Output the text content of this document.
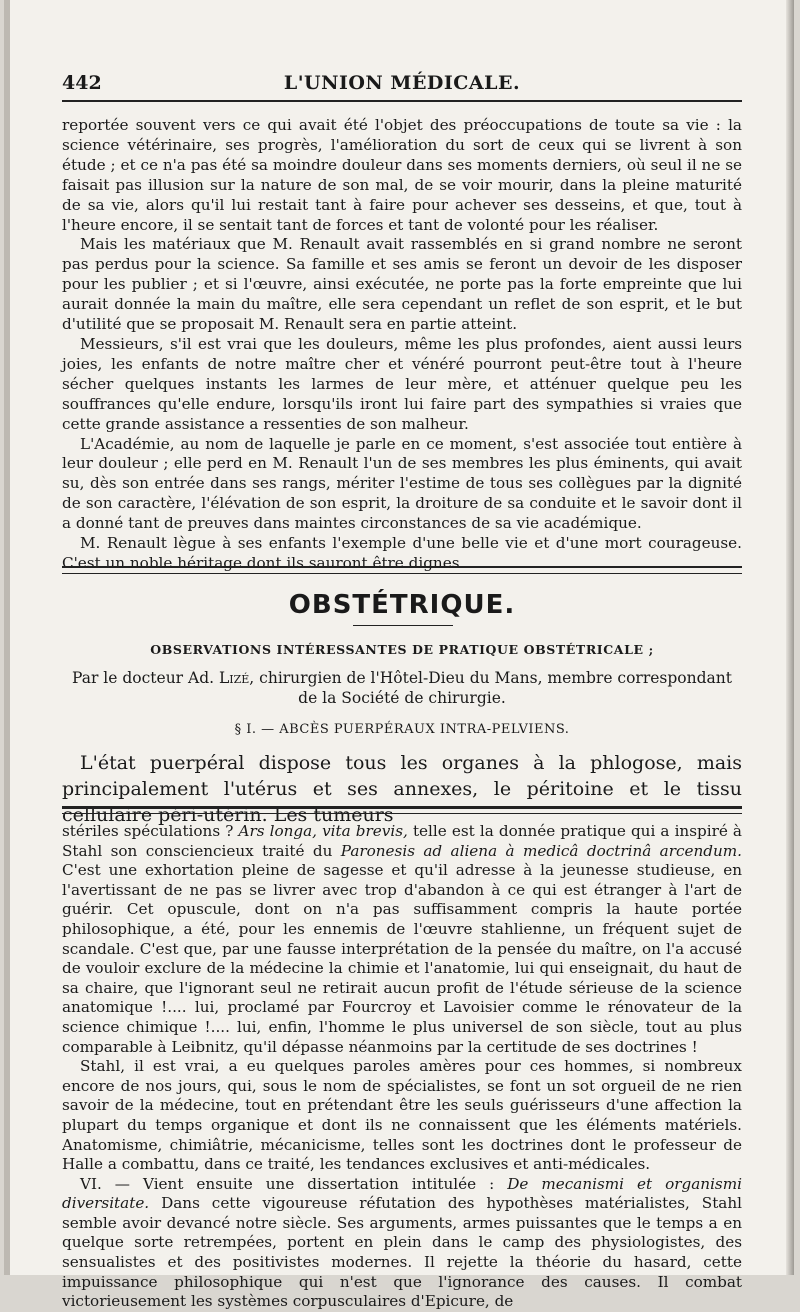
442	L'UNION MÉDICALE.

reportée souvent vers ce qui avait été l'objet des préoccupations de toute sa vie : la science vétérinaire, ses progrès, l'amélioration du sort de ceux qui se livrent à son étude ; et ce n'a pas été sa moindre douleur dans ses moments derniers, où seul il ne se faisait pas illusion sur la nature de son mal, de se voir mourir, dans la pleine maturité de sa vie, alors qu'il lui restait tant à faire pour achever ses desseins, et que, tout à l'heure encore, il se sentait tant de forces et tant de volonté pour les réaliser.

Mais les matériaux que M. Renault avait rassemblés en si grand nombre ne seront pas perdus pour la science. Sa famille et ses amis se feront un devoir de les disposer pour les publier ; et si l'œuvre, ainsi exécutée, ne porte pas la forte empreinte que lui aurait donnée la main du maître, elle sera cependant un reflet de son esprit, et le but d'utilité que se proposait M. Renault sera en partie atteint.

Messieurs, s'il est vrai que les douleurs, même les plus profondes, aient aussi leurs joies, les enfants de notre maître cher et vénéré pourront peut-être tout à l'heure sécher quelques instants les larmes de leur mère, et atténuer quelque peu les souffrances qu'elle endure, lorsqu'ils iront lui faire part des sympathies si vraies que cette grande assistance a ressenties de son malheur.

L'Académie, au nom de laquelle je parle en ce moment, s'est associée tout entière à leur douleur ; elle perd en M. Renault l'un de ses membres les plus éminents, qui avait su, dès son entrée dans ses rangs, mériter l'estime de tous ses collègues par la dignité de son caractère, l'élévation de son esprit, la droiture de sa conduite et le savoir dont il a donné tant de preuves dans maintes circonstances de sa vie académique.

M. Renault lègue à ses enfants l'exemple d'une belle vie et d'une mort courageuse. C'est un noble héritage dont ils sauront être dignes.

OBSTÉTRIQUE.
OBSERVATIONS INTÉRESSANTES DE PRATIQUE OBSTÉTRICALE ;
Par le docteur Ad. Lizé, chirurgien de l'Hôtel-Dieu du Mans, membre correspondant de la Société de chirurgie.
§ I. — ABCÈS PUERPÉRAUX INTRA-PELVIENS.
L'état puerpéral dispose tous les organes à la phlogose, mais principalement l'utérus et ses annexes, le péritoine et le tissu cellulaire péri-utérin. Les tumeurs

stériles spéculations ? Ars longa, vita brevis, telle est la donnée pratique qui a inspiré à Stahl son consciencieux traité du Paronesis ad aliena à medicâ doctrinâ arcendum. C'est une exhortation pleine de sagesse et qu'il adresse à la jeunesse studieuse, en l'avertissant de ne pas se livrer avec trop d'abandon à ce qui est étranger à l'art de guérir. Cet opuscule, dont on n'a pas suffisamment compris la haute portée philosophique, a été, pour les ennemis de l'œuvre stahlienne, un fréquent sujet de scandale. C'est que, par une fausse interprétation de la pensée du maître, on l'a accusé de vouloir exclure de la médecine la chimie et l'anatomie, lui qui enseignait, du haut de sa chaire, que l'ignorant seul ne retirait aucun profit de l'étude sérieuse de la science anatomique !.... lui, proclamé par Fourcroy et Lavoisier comme le rénovateur de la science chimique !.... lui, enfin, l'homme le plus universel de son siècle, tout au plus comparable à Leibnitz, qu'il dépasse néanmoins par la certitude de ses doctrines !

Stahl, il est vrai, a eu quelques paroles amères pour ces hommes, si nombreux encore de nos jours, qui, sous le nom de spécialistes, se font un sot orgueil de ne rien savoir de la médecine, tout en prétendant être les seuls guérisseurs d'une affection la plupart du temps organique et dont ils ne connaissent que les éléments matériels. Anatomisme, chimiâtrie, mécanicisme, telles sont les doctrines dont le professeur de Halle a combattu, dans ce traité, les tendances exclusives et anti-médicales.

VI. — Vient ensuite une dissertation intitulée : De mecanismi et organismi diversitate. Dans cette vigoureuse réfutation des hypothèses matérialistes, Stahl semble avoir devancé notre siècle. Ses arguments, armes puissantes que le temps a en quelque sorte retrempées, portent en plein dans le camp des physiologistes, des sensualistes et des positivistes modernes. Il rejette la théorie du hasard, cette impuissance philosophique qui n'est que l'ignorance des causes. Il combat victorieusement les systèmes corpusculaires d'Epicure, de
